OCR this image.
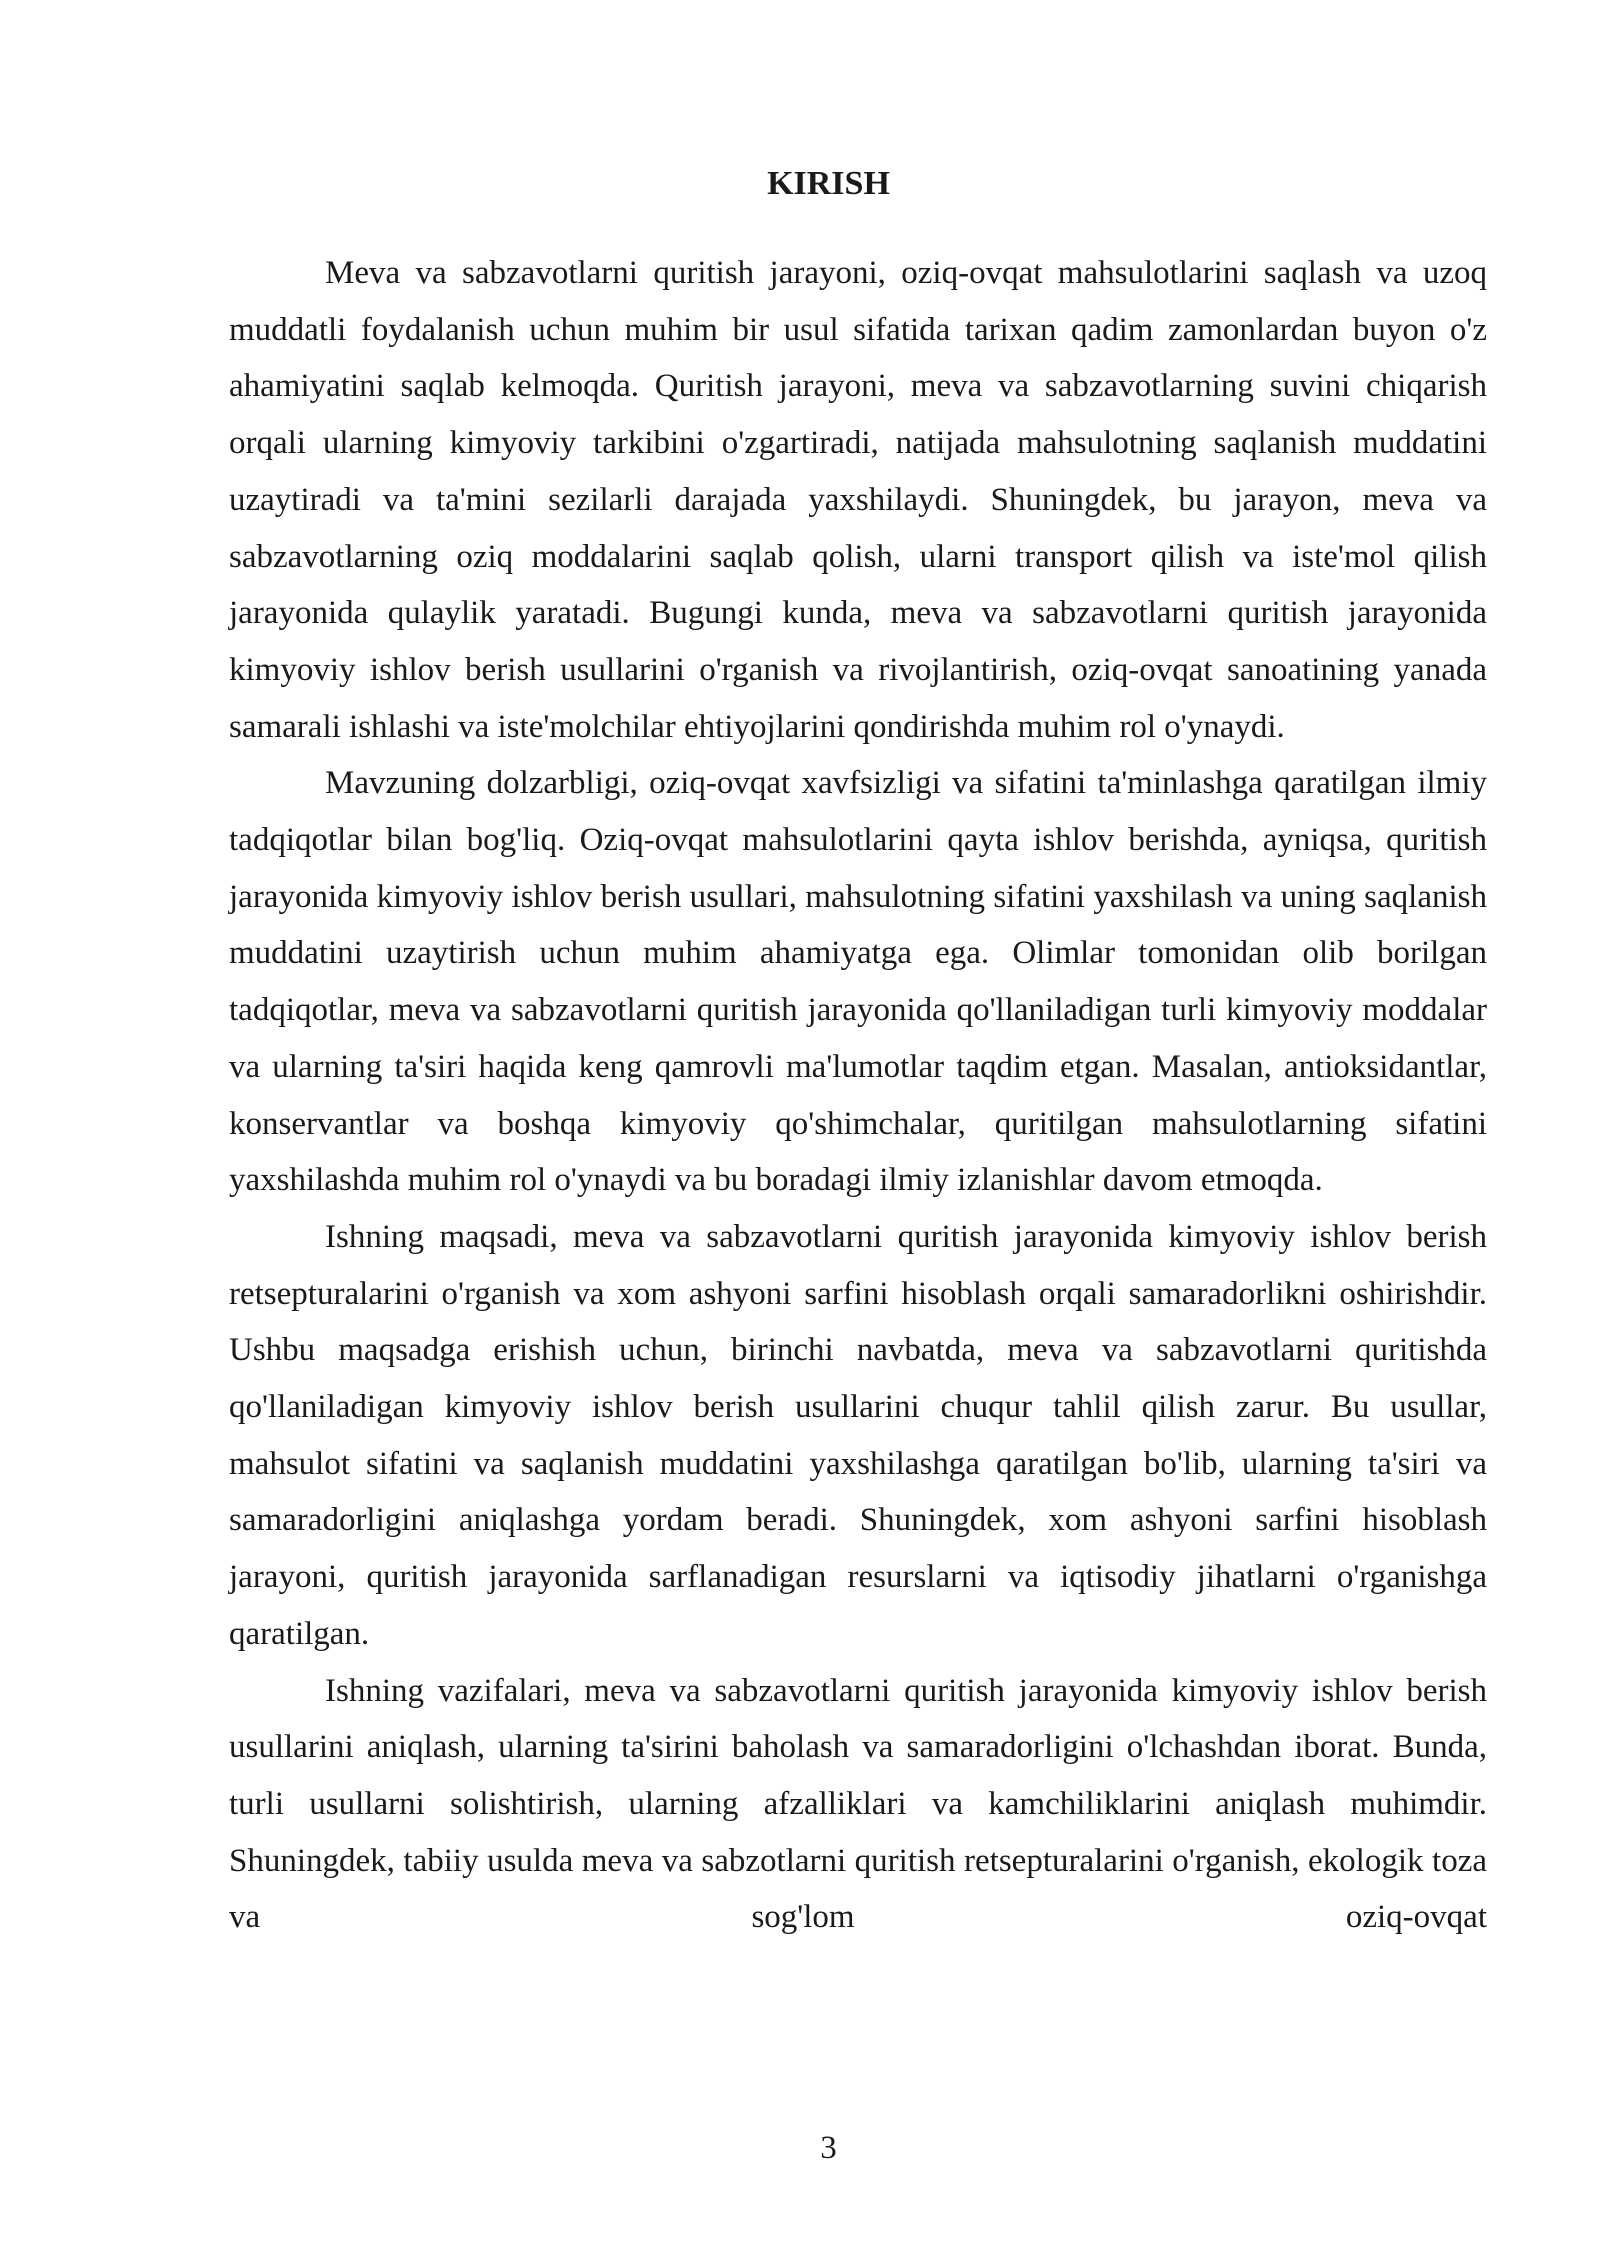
KIRISH

Meva va sabzavotlarni quritish jarayoni, oziq-ovqat mahsulotlarini saqlash va uzoq muddatli foydalanish uchun muhim bir usul sifatida tarixan qadim zamonlardan buyon o'z ahamiyatini saqlab kelmoqda. Quritish jarayoni, meva va sabzavotlarning suvini chiqarish orqali ularning kimyoviy tarkibini o'zgartiradi, natijada mahsulotning saqlanish muddatini uzaytiradi va ta'mini sezilarli darajada yaxshilaydi. Shuningdek, bu jarayon, meva va sabzavotlarning oziq moddalarini saqlab qolish, ularni transport qilish va iste'mol qilish jarayonida qulaylik yaratadi. Bugungi kunda, meva va sabzavotlarni quritish jarayonida kimyoviy ishlov berish usullarini o'rganish va rivojlantirish, oziq-ovqat sanoatining yanada samarali ishlashi va iste'molchilar ehtiyojlarini qondirishda muhim rol o'ynaydi.

Mavzuning dolzarbligi, oziq-ovqat xavfsizligi va sifatini ta'minlashga qaratilgan ilmiy tadqiqotlar bilan bog'liq. Oziq-ovqat mahsulotlarini qayta ishlov berishda, ayniqsa, quritish jarayonida kimyoviy ishlov berish usullari, mahsulotning sifatini yaxshilash va uning saqlanish muddatini uzaytirish uchun muhim ahamiyatga ega. Olimlar tomonidan olib borilgan tadqiqotlar, meva va sabzavotlarni quritish jarayonida qo'llaniladigan turli kimyoviy moddalar va ularning ta'siri haqida keng qamrovli ma'lumotlar taqdim etgan. Masalan, antioksidantlar, konservantlar va boshqa kimyoviy qo'shimchalar, quritilgan mahsulotlarning sifatini yaxshilashda muhim rol o'ynaydi va bu boradagi ilmiy izlanishlar davom etmoqda.

Ishning maqsadi, meva va sabzavotlarni quritish jarayonida kimyoviy ishlov berish retsepturalarini o'rganish va xom ashyoni sarfini hisoblash orqali samaradorlikni oshirishdir. Ushbu maqsadga erishish uchun, birinchi navbatda, meva va sabzavotlarni quritishda qo'llaniladigan kimyoviy ishlov berish usullarini chuqur tahlil qilish zarur. Bu usullar, mahsulot sifatini va saqlanish muddatini yaxshilashga qaratilgan bo'lib, ularning ta'siri va samaradorligini aniqlashga yordam beradi. Shuningdek, xom ashyoni sarfini hisoblash jarayoni, quritish jarayonida sarflanadigan resurslarni va iqtisodiy jihatlarni o'rganishga qaratilgan.

Ishning vazifalari, meva va sabzavotlarni quritish jarayonida kimyoviy ishlov berish usullarini aniqlash, ularning ta'sirini baholash va samaradorligini o'lchashdan iborat. Bunda, turli usullarni solishtirish, ularning afzalliklari va kamchiliklarini aniqlash muhimdir. Shuningdek, tabiiy usulda meva va sabzotlarni quritish retsepturalarini o'rganish, ekologik toza va sog'lom oziq-ovqat

3
